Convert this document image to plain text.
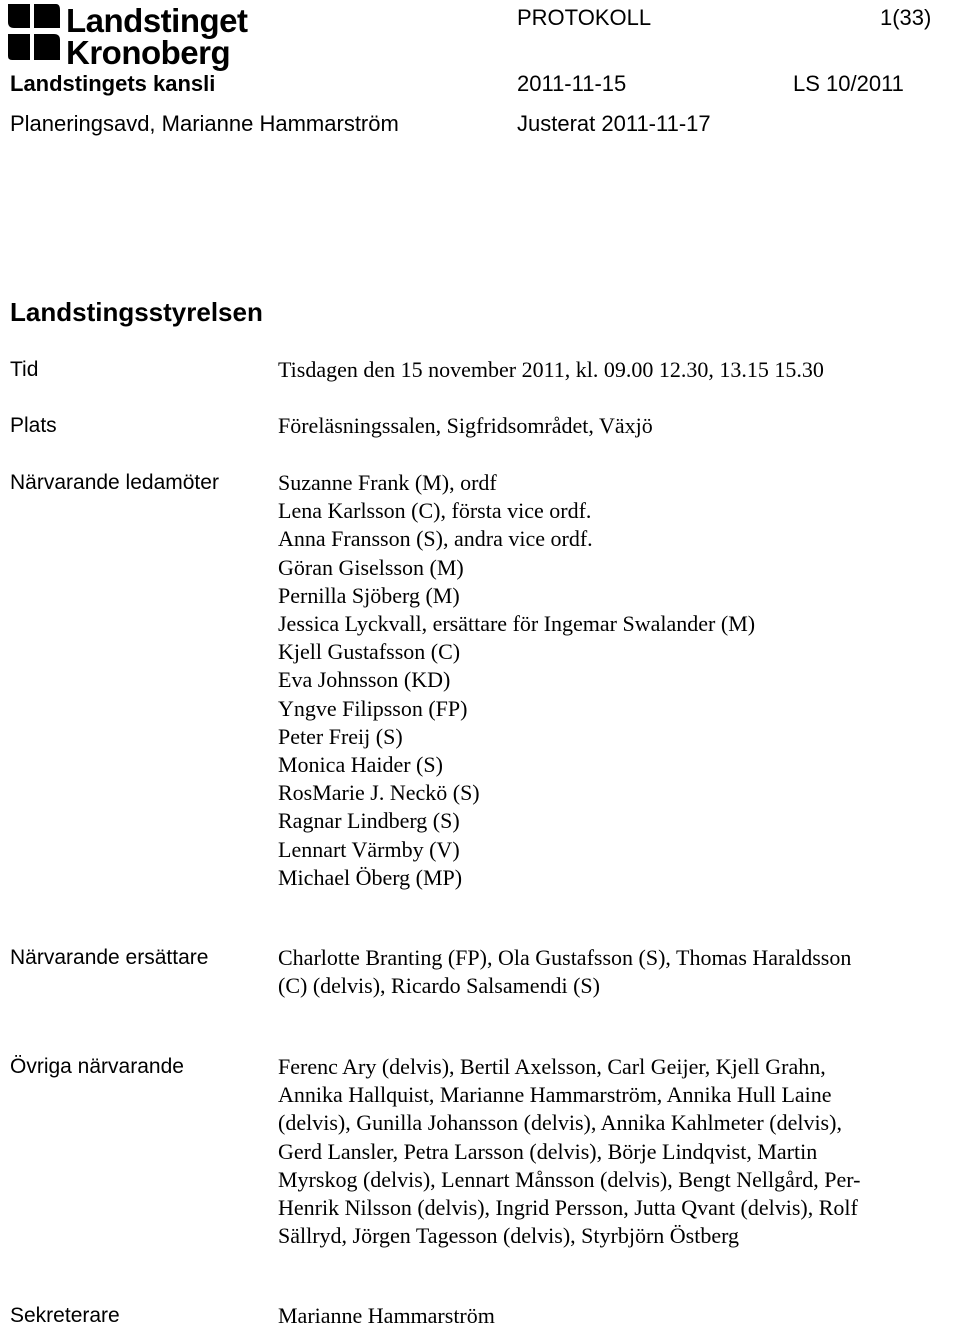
Landstinget
Kronoberg
PROTOKOLL	1(33)
Landstingets kansli	2011-11-15	LS 10/2011
Planeringsavd, Marianne Hammarström	Justerat 2011-11-17
Landstingsstyrelsen
Tid	Tisdagen den 15 november 2011, kl. 09.00 12.30, 13.15 15.30
Plats	Föreläsningssalen, Sigfridsområdet, Växjö
Närvarande ledamöter	Suzanne Frank (M), ordf
Lena Karlsson (C), första vice ordf.
Anna Fransson (S), andra vice ordf.
Göran Giselsson (M)
Pernilla Sjöberg (M)
Jessica Lyckvall, ersättare för Ingemar Swalander (M)
Kjell Gustafsson (C)
Eva Johnsson (KD)
Yngve Filipsson (FP)
Peter Freij (S)
Monica Haider (S)
RosMarie J. Neckö (S)
Ragnar Lindberg (S)
Lennart Värmby (V)
Michael Öberg (MP)
Närvarande ersättare	Charlotte Branting (FP), Ola Gustafsson (S), Thomas Haraldsson
(C) (delvis), Ricardo Salsamendi (S)
Övriga närvarande	Ferenc Ary (delvis), Bertil Axelsson, Carl Geijer, Kjell Grahn,
Annika Hallquist, Marianne Hammarström, Annika Hull Laine
(delvis), Gunilla Johansson (delvis), Annika Kahlmeter (delvis),
Gerd Lansler, Petra Larsson (delvis), Börje Lindqvist, Martin
Myrskog (delvis), Lennart Månsson (delvis), Bengt Nellgård, Per-
Henrik Nilsson (delvis), Ingrid Persson, Jutta Qvant (delvis), Rolf
Sällryd, Jörgen Tagesson (delvis), Styrbjörn Östberg
Sekreterare	Marianne Hammarström
